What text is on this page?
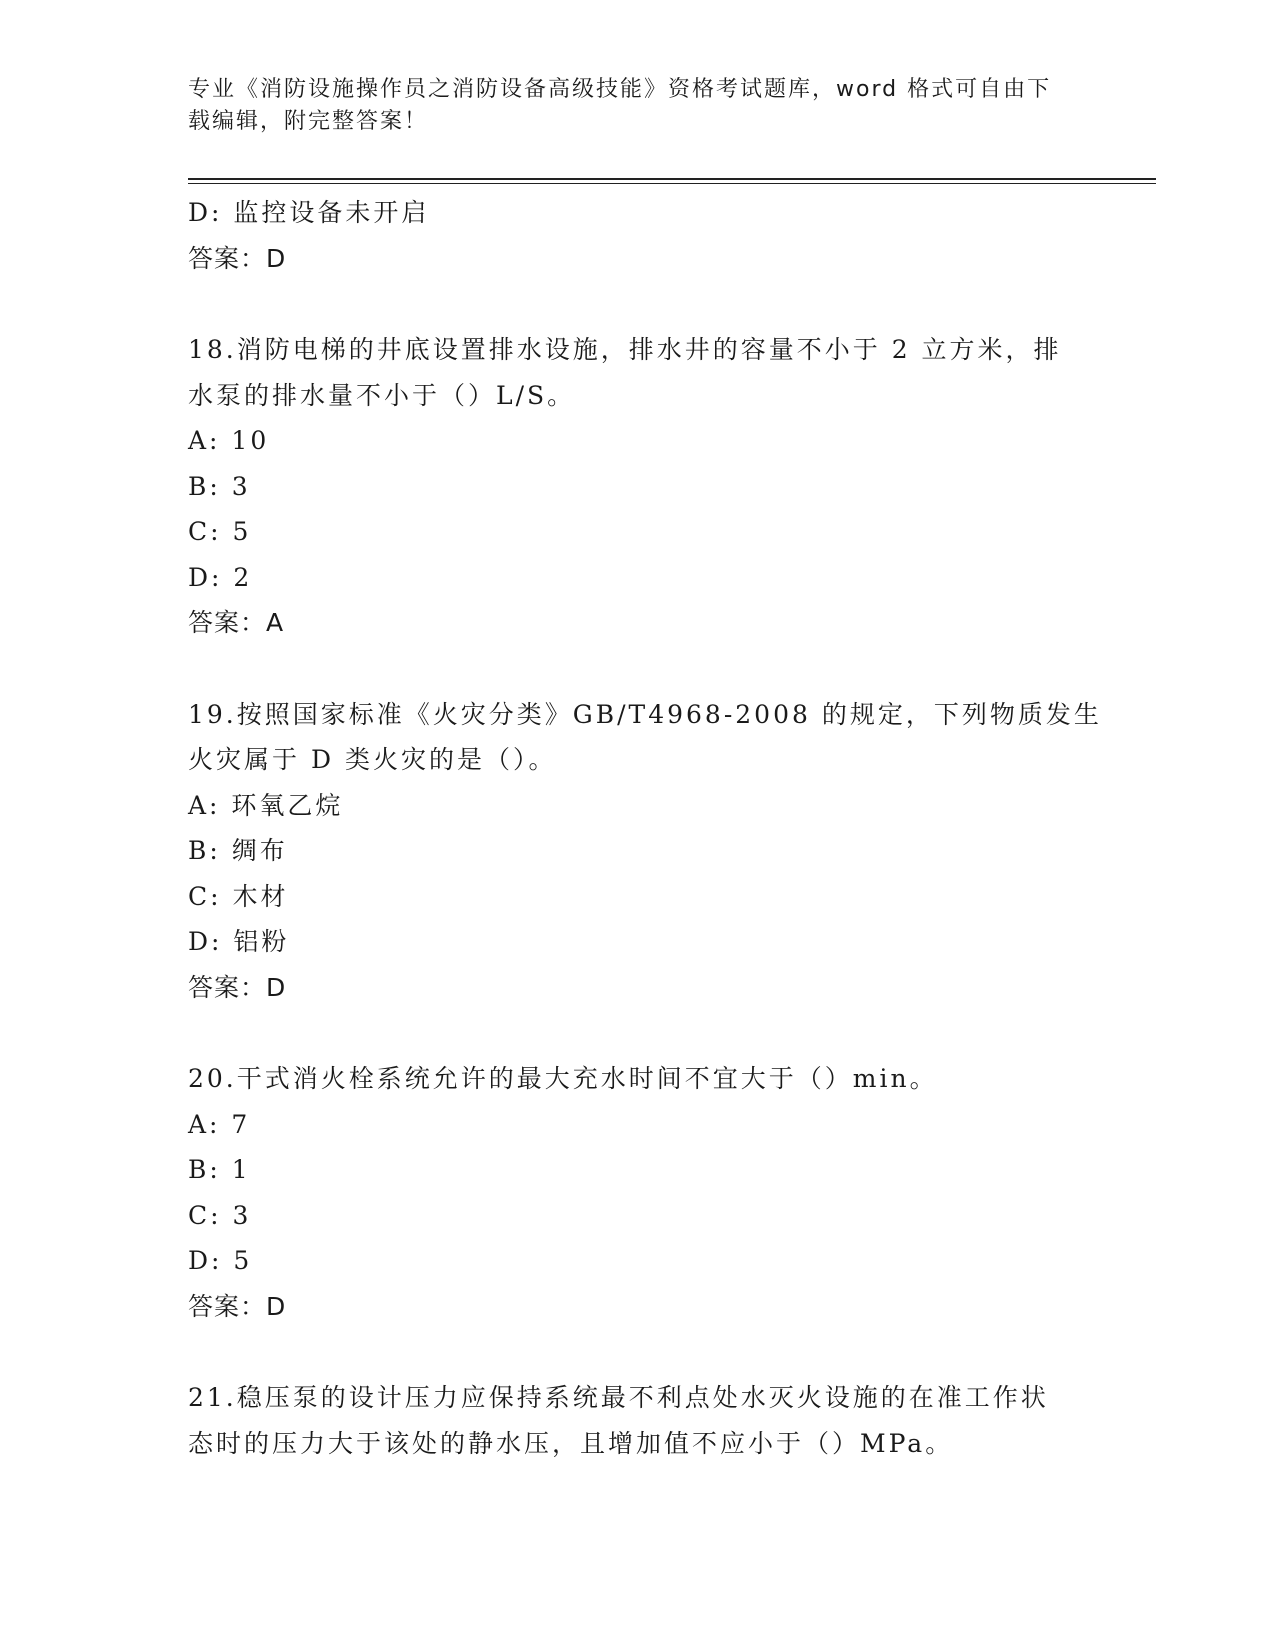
专业《消防设施操作员之消防设备高级技能》资格考试题库，word 格式可自由下
载编辑，附完整答案！
D: 监控设备未开启
答案：D
18.消防电梯的井底设置排水设施，排水井的容量不小于 2 立方米，排
水泵的排水量不小于（）L/S。
A: 10
B: 3
C: 5
D: 2
答案：A
19.按照国家标准《火灾分类》GB/T4968-2008 的规定，下列物质发生
火灾属于 D 类火灾的是（）。
A: 环氧乙烷
B: 绸布
C: 木材
D: 铝粉
答案：D
20.干式消火栓系统允许的最大充水时间不宜大于（）min。
A: 7
B: 1
C: 3
D: 5
答案：D
21.稳压泵的设计压力应保持系统最不利点处水灭火设施的在准工作状
态时的压力大于该处的静水压，且增加值不应小于（）MPa。
